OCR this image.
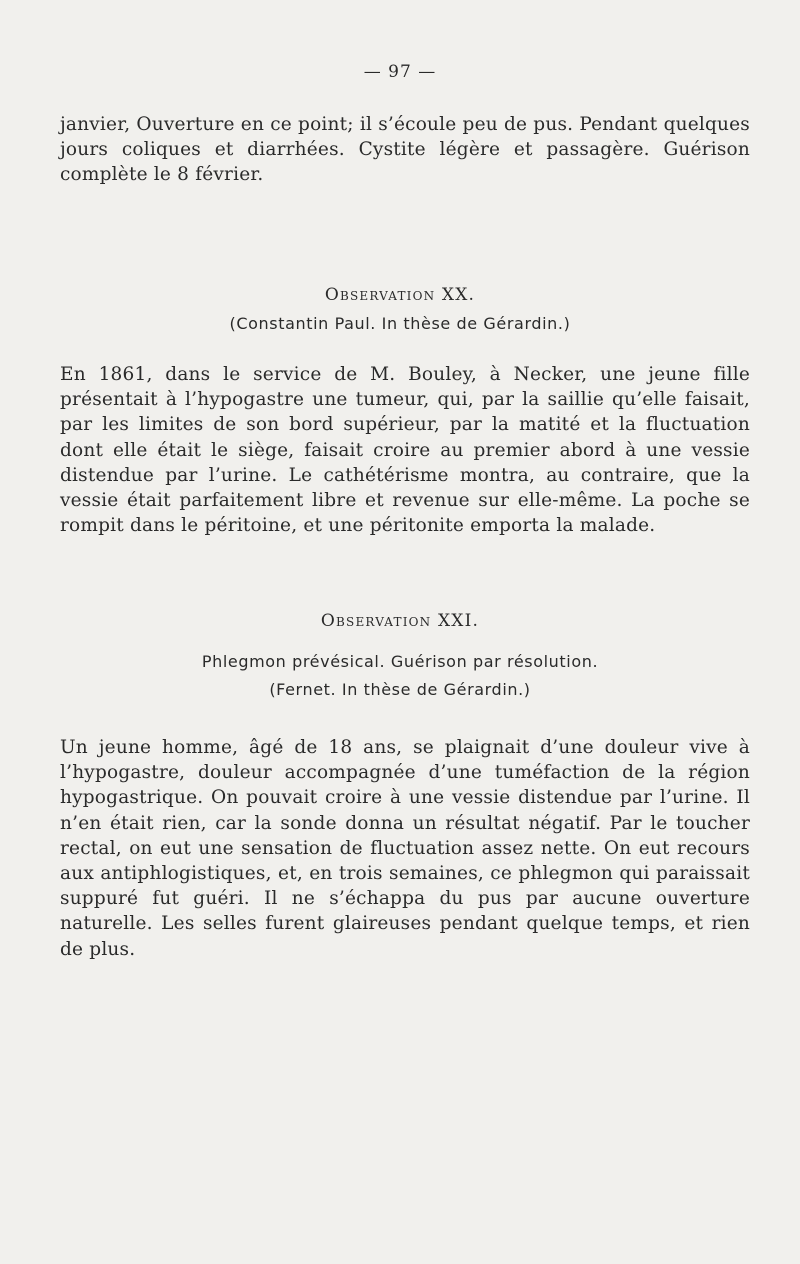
— 97 —

janvier, Ouverture en ce point; il s’écoule peu de pus. Pendant quelques jours coliques et diarrhées. Cystite légère et passagère. Guérison complète le 8 février.

Observation XX.
(Constantin Paul. In thèse de Gérardin.)

En 1861, dans le service de M. Bouley, à Necker, une jeune fille présentait à l’hypogastre une tumeur, qui, par la saillie qu’elle faisait, par les limites de son bord supérieur, par la matité et la fluctuation dont elle était le siège, faisait croire au premier abord à une vessie distendue par l’urine. Le cathétérisme montra, au contraire, que la vessie était parfaitement libre et revenue sur elle-même. La poche se rompit dans le péritoine, et une péritonite emporta la malade.

Observation XXI.
Phlegmon prévésical. Guérison par résolution.
(Fernet. In thèse de Gérardin.)

Un jeune homme, âgé de 18 ans, se plaignait d’une douleur vive à l’hypogastre, douleur accompagnée d’une tuméfaction de la région hypogastrique. On pouvait croire à une vessie distendue par l’urine. Il n’en était rien, car la sonde donna un résultat négatif. Par le toucher rectal, on eut une sensation de fluctuation assez nette. On eut recours aux antiphlogistiques, et, en trois semaines, ce phlegmon qui paraissait suppuré fut guéri. Il ne s’échappa du pus par aucune ouverture naturelle. Les selles furent glaireuses pendant quelque temps, et rien de plus.
